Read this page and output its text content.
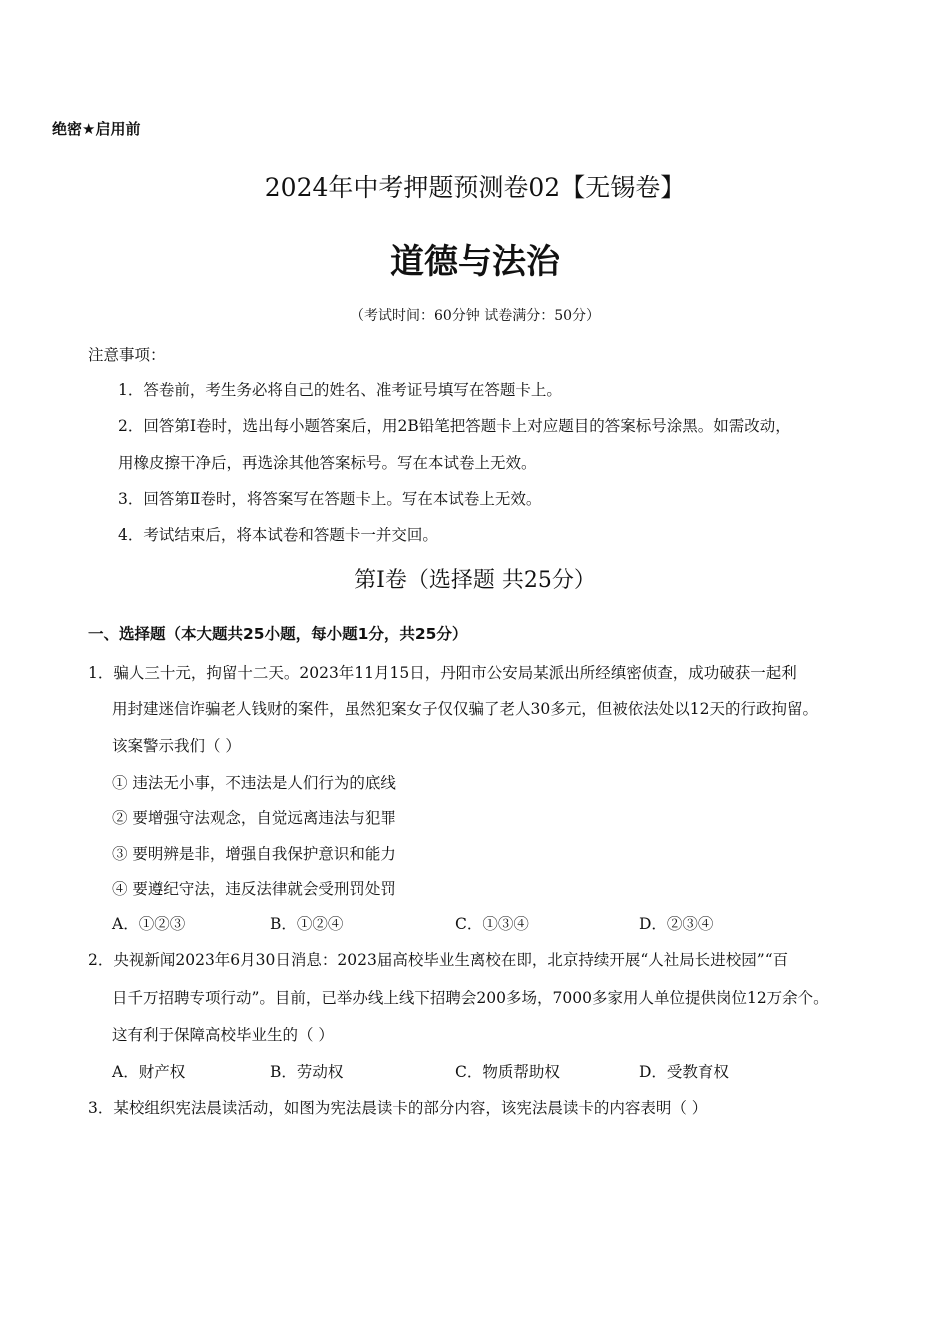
绝密★启用前
2024年中考押题预测卷02【无锡卷】
道德与法治
（考试时间：60分钟 试卷满分：50分）
注意事项：
1．答卷前，考生务必将自己的姓名、准考证号填写在答题卡上。
2．回答第Ⅰ卷时，选出每小题答案后，用2B铅笔把答题卡上对应题目的答案标号涂黑。如需改动，
用橡皮擦干净后，再选涂其他答案标号。写在本试卷上无效。
3．回答第Ⅱ卷时，将答案写在答题卡上。写在本试卷上无效。
4．考试结束后，将本试卷和答题卡一并交回。
第Ⅰ卷（选择题 共25分）
一、选择题（本大题共25小题，每小题1分，共25分）
1．骗人三十元，拘留十二天。2023年11月15日，丹阳市公安局某派出所经缜密侦查，成功破获一起利
用封建迷信诈骗老人钱财的案件，虽然犯案女子仅仅骗了老人30多元，但被依法处以12天的行政拘留。
该案警示我们（ ）
① 违法无小事，不违法是人们行为的底线
② 要增强守法观念，自觉远离违法与犯罪
③ 要明辨是非，增强自我保护意识和能力
④ 要遵纪守法，违反法律就会受刑罚处罚
A．①②③	B．①②④	C．①③④	D．②③④
2．央视新闻2023年6月30日消息：2023届高校毕业生离校在即，北京持续开展“人社局长进校园”“百
日千万招聘专项行动”。目前，已举办线上线下招聘会200多场，7000多家用人单位提供岗位12万余个。
这有利于保障高校毕业生的（ ）
A．财产权	B．劳动权	C．物质帮助权	D．受教育权
3．某校组织宪法晨读活动，如图为宪法晨读卡的部分内容，该宪法晨读卡的内容表明（ ）
